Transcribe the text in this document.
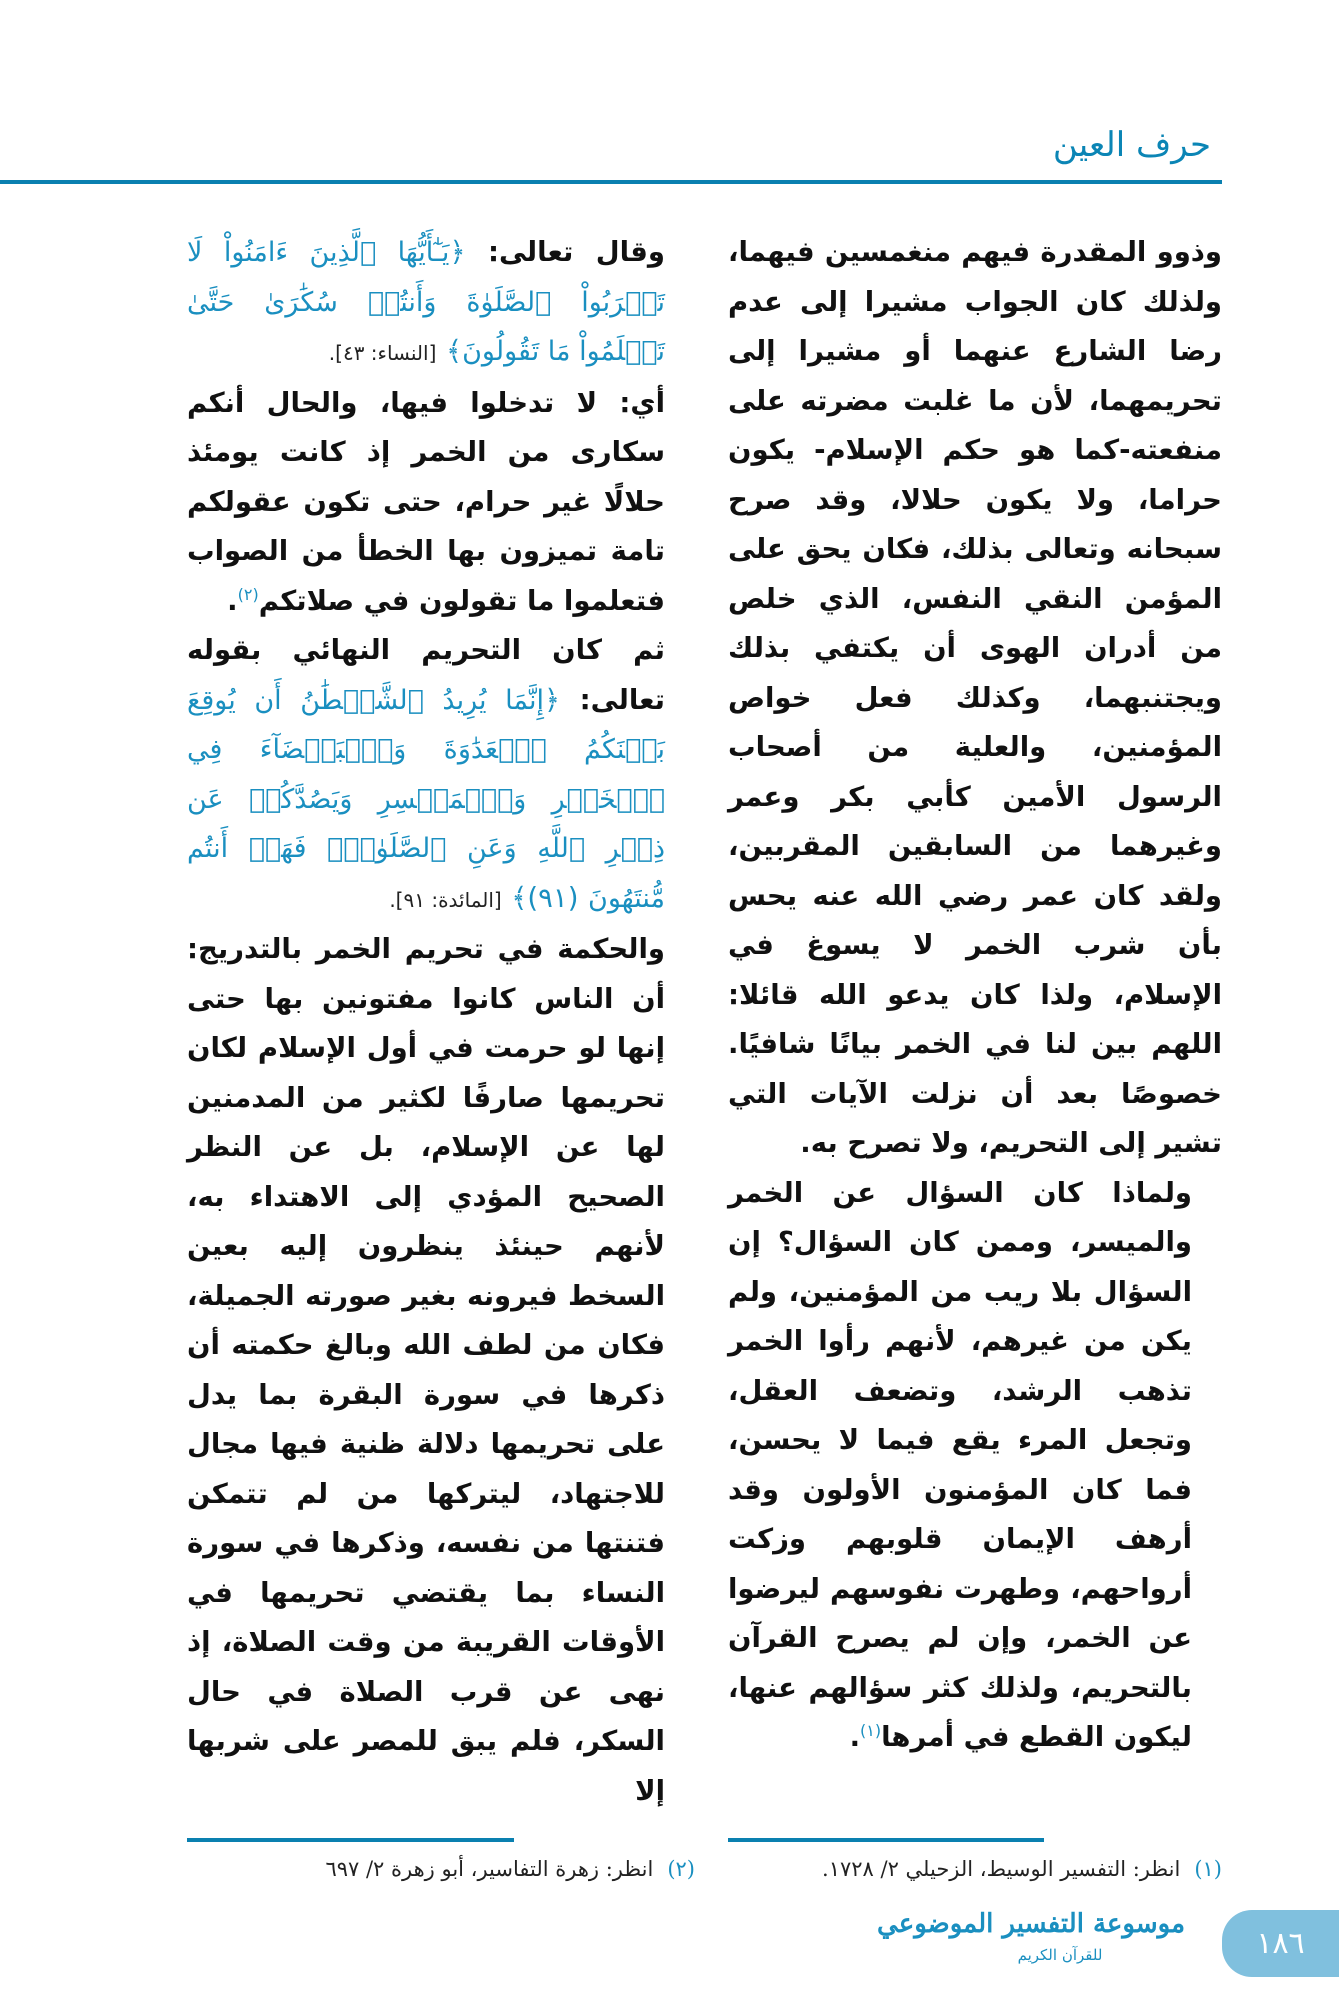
حرف العين

وذوو المقدرة فيهم منغمسين فيهما، ولذلك كان الجواب مشيرا إلى عدم رضا الشارع عنهما أو مشيرا إلى تحريمهما، لأن ما غلبت مضرته على منفعته-كما هو حكم الإسلام- يكون حراما، ولا يكون حلالا، وقد صرح سبحانه وتعالى بذلك، فكان يحق على المؤمن النقي النفس، الذي خلص من أدران الهوى أن يكتفي بذلك ويجتنبهما، وكذلك فعل خواص المؤمنين، والعلية من أصحاب الرسول الأمين كأبي بكر وعمر وغيرهما من السابقين المقربين، ولقد كان عمر رضي الله عنه يحس بأن شرب الخمر لا يسوغ في الإسلام، ولذا كان يدعو الله قائلا: اللهم بين لنا في الخمر بيانًا شافيًا. خصوصًا بعد أن نزلت الآيات التي تشير إلى التحريم، ولا تصرح به.

ولماذا كان السؤال عن الخمر والميسر، وممن كان السؤال؟ إن السؤال بلا ريب من المؤمنين، ولم يكن من غيرهم، لأنهم رأوا الخمر تذهب الرشد، وتضعف العقل، وتجعل المرء يقع فيما لا يحسن، فما كان المؤمنون الأولون وقد أرهف الإيمان قلوبهم وزكت أرواحهم، وطهرت نفوسهم ليرضوا عن الخمر، وإن لم يصرح القرآن بالتحريم، ولذلك كثر سؤالهم عنها، ليكون القطع في أمرها$^{(١)}$.

(١)انظر: التفسير الوسيط، الزحيلي ٢/ ١٧٢٨.

وقال تعالى: ﴿يَـٰٓأَيُّهَا ٱلَّذِينَ ءَامَنُواْ لَا تَقۡرَبُواْ ٱلصَّلَوٰةَ وَأَنتُمۡ سُكَٰرَىٰ حَتَّىٰ تَعۡلَمُواْ مَا تَقُولُونَ﴾ [النساء: ٤٣].

أي: لا تدخلوا فيها، والحال أنكم سكارى من الخمر إذ كانت يومئذ حلالًا غير حرام، حتى تكون عقولكم تامة تميزون بها الخطأ من الصواب فتعلموا ما تقولون في صلاتكم$^{(٢)}$.

ثم كان التحريم النهائي بقوله تعالى: ﴿إِنَّمَا يُرِيدُ ٱلشَّيۡطَٰنُ أَن يُوقِعَ بَيۡنَكُمُ ٱلۡعَدَٰوَةَ وَٱلۡبَغۡضَآءَ فِي ٱلۡخَمۡرِ وَٱلۡمَيۡسِرِ وَيَصُدَّكُمۡ عَن ذِكۡرِ ٱللَّهِ وَعَنِ ٱلصَّلَوٰةِۖ فَهَلۡ أَنتُم مُّنتَهُونَ (٩١)﴾ [المائدة: ٩١].

والحكمة في تحريم الخمر بالتدريج: أن الناس كانوا مفتونين بها حتى إنها لو حرمت في أول الإسلام لكان تحريمها صارفًا لكثير من المدمنين لها عن الإسلام، بل عن النظر الصحيح المؤدي إلى الاهتداء به، لأنهم حينئذ ينظرون إليه بعين السخط فيرونه بغير صورته الجميلة، فكان من لطف الله وبالغ حكمته أن ذكرها في سورة البقرة بما يدل على تحريمها دلالة ظنية فيها مجال للاجتهاد، ليتركها من لم تتمكن فتنتها من نفسه، وذكرها في سورة النساء بما يقتضي تحريمها في الأوقات القريبة من وقت الصلاة، إذ نهى عن قرب الصلاة في حال السكر، فلم يبق للمصر على شربها إلا

(٢)انظر: زهرة التفاسير، أبو زهرة ٢/ ٦٩٧
موسوعة التفسير الموضوعي
للقرآن الكريم	١٨٦
